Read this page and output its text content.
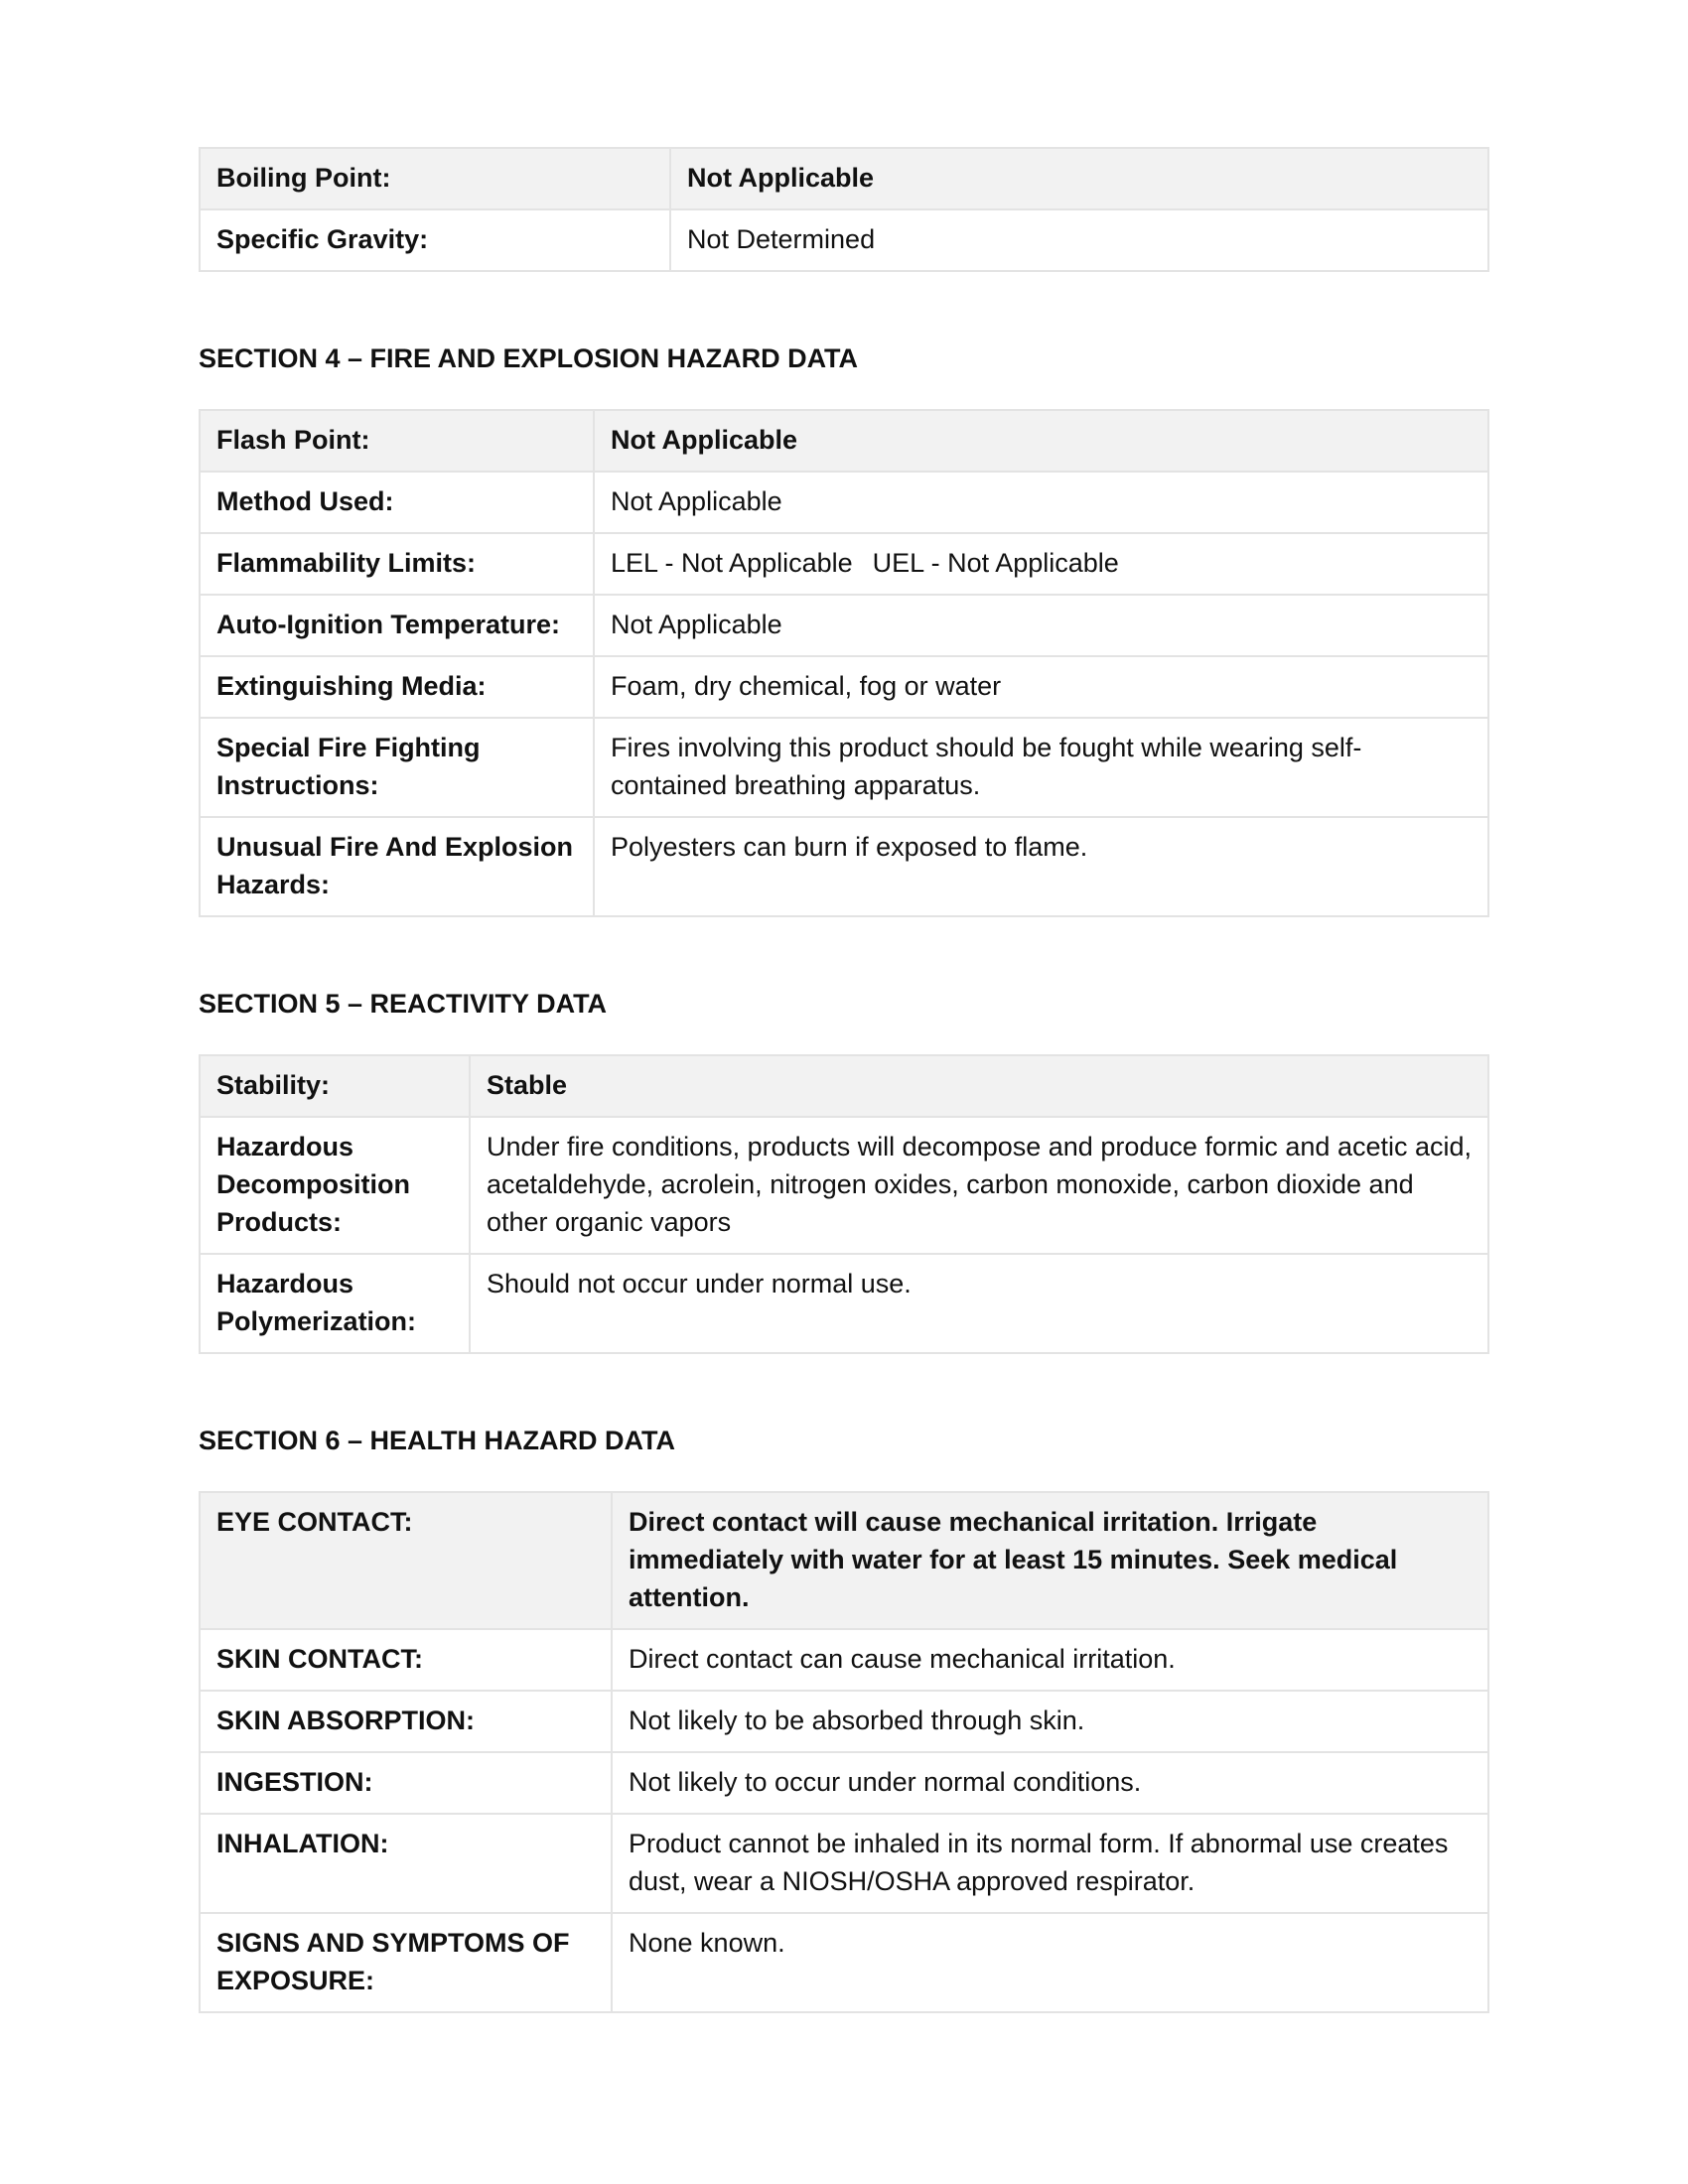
Boiling Point:	Not Applicable
Specific Gravity:	Not Determined
SECTION 4 – FIRE AND EXPLOSION HAZARD DATA
Flash Point:	Not Applicable
Method Used:	Not Applicable
Flammability Limits:	LEL - Not Applicable UEL - Not Applicable
Auto-Ignition Temperature:	Not Applicable
Extinguishing Media:	Foam, dry chemical, fog or water
Special Fire Fighting Instructions:	Fires involving this product should be fought while wearing self-contained breathing apparatus.
Unusual Fire And Explosion Hazards:	Polyesters can burn if exposed to flame.
SECTION 5 – REACTIVITY DATA
Stability:	Stable
Hazardous Decomposition Products:	Under fire conditions, products will decompose and produce formic and acetic acid, acetaldehyde, acrolein, nitrogen oxides, carbon monoxide, carbon dioxide and other organic vapors
Hazardous Polymerization:	Should not occur under normal use.
SECTION 6 – HEALTH HAZARD DATA
EYE CONTACT:	Direct contact will cause mechanical irritation. Irrigate immediately with water for at least 15 minutes. Seek medical attention.
SKIN CONTACT:	Direct contact can cause mechanical irritation.
SKIN ABSORPTION:	Not likely to be absorbed through skin.
INGESTION:	Not likely to occur under normal conditions.
INHALATION:	Product cannot be inhaled in its normal form. If abnormal use creates dust, wear a NIOSH/OSHA approved respirator.
SIGNS AND SYMPTOMS OF EXPOSURE:	None known.
